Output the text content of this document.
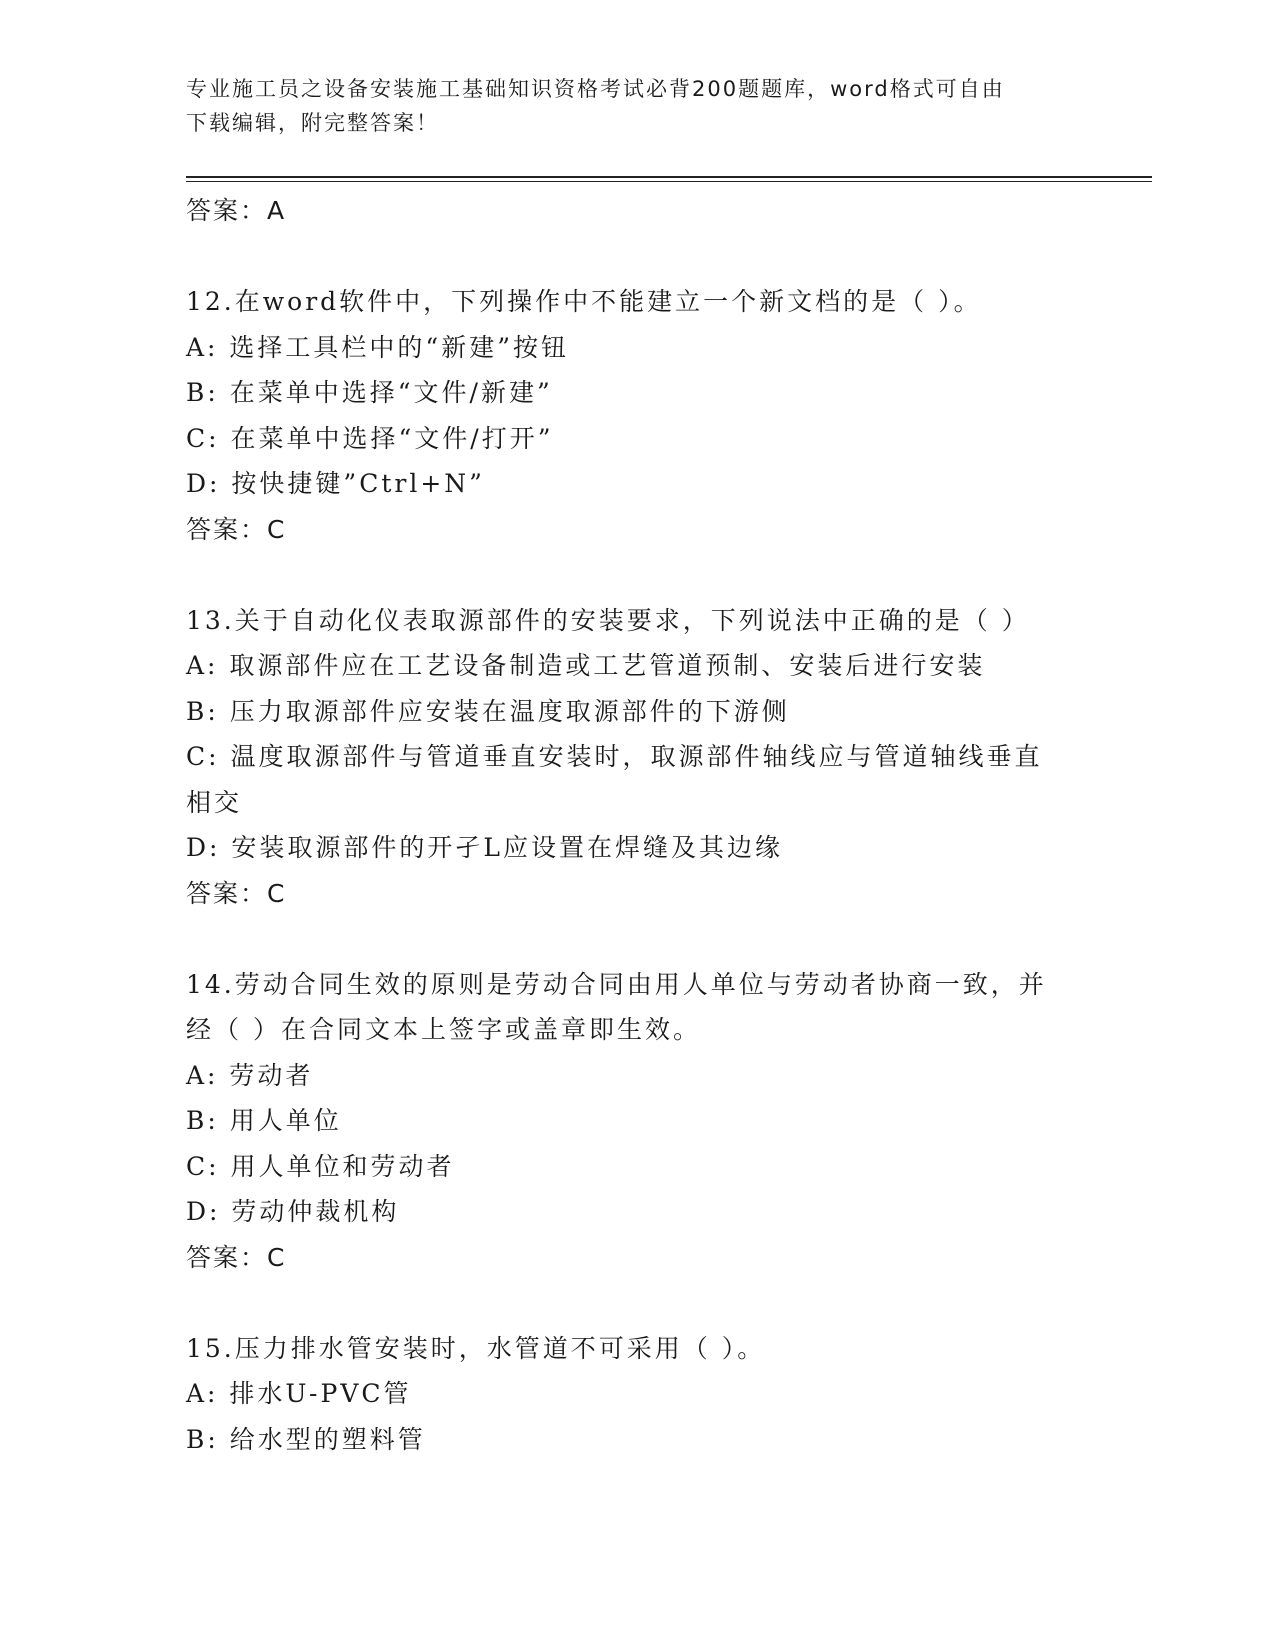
专业施工员之设备安装施工基础知识资格考试必背200题题库，word格式可自由
下载编辑，附完整答案！
答案：A
12.在word软件中，下列操作中不能建立一个新文档的是（ ）。
A: 选择工具栏中的“新建”按钮
B: 在菜单中选择“文件/新建”
C: 在菜单中选择“文件/打开”
D: 按快捷键”Ctrl+N”
答案：C
13.关于自动化仪表取源部件的安装要求，下列说法中正确的是（ ）
A: 取源部件应在工艺设备制造或工艺管道预制、安装后进行安装
B: 压力取源部件应安装在温度取源部件的下游侧
C: 温度取源部件与管道垂直安装时，取源部件轴线应与管道轴线垂直
相交
D: 安装取源部件的开孑L应设置在焊缝及其边缘
答案：C
14.劳动合同生效的原则是劳动合同由用人单位与劳动者协商一致，并
经（ ）在合同文本上签字或盖章即生效。
A: 劳动者
B: 用人单位
C: 用人单位和劳动者
D: 劳动仲裁机构
答案：C
15.压力排水管安装时，水管道不可采用（ ）。
A: 排水U-PVC管
B: 给水型的塑料管
